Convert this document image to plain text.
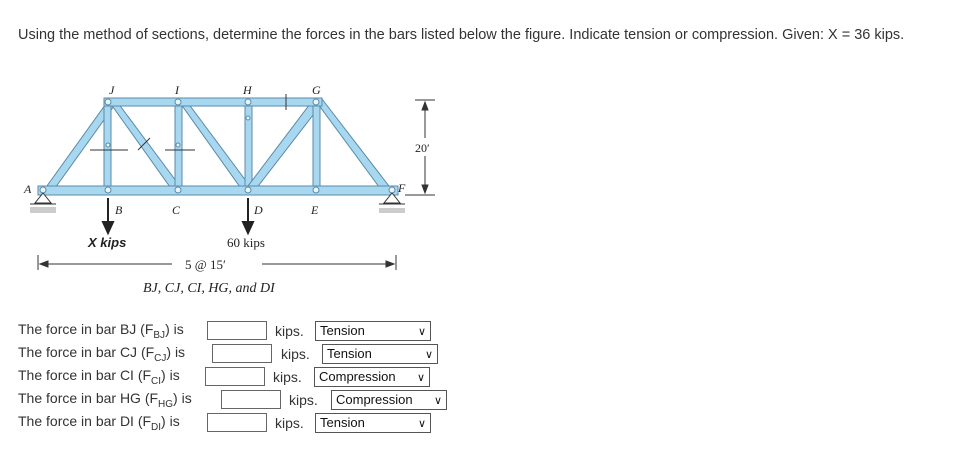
Using the method of sections, determine the forces in the bars listed below the figure. Indicate tension or compression. Given: X = 36 kips.
A
B	C	D	E
F
G
H
I
J
X kips	60 kips
5 @ 15′
20′
BJ, CJ, CI, HG, and DI
The force in bar BJ $(F_{BJ})$ is	kips.	Tension	∨
The force in bar CJ $(F_{CJ})$ is	kips.	Tension	∨
The force in bar CI $(F_{CI})$ is	kips.	Compression ∨
The force in bar HG $(F_{HG})$ is	kips.	Compression ∨
The force in bar DI $(F_{DI})$ is	kips.	Tension	∨
